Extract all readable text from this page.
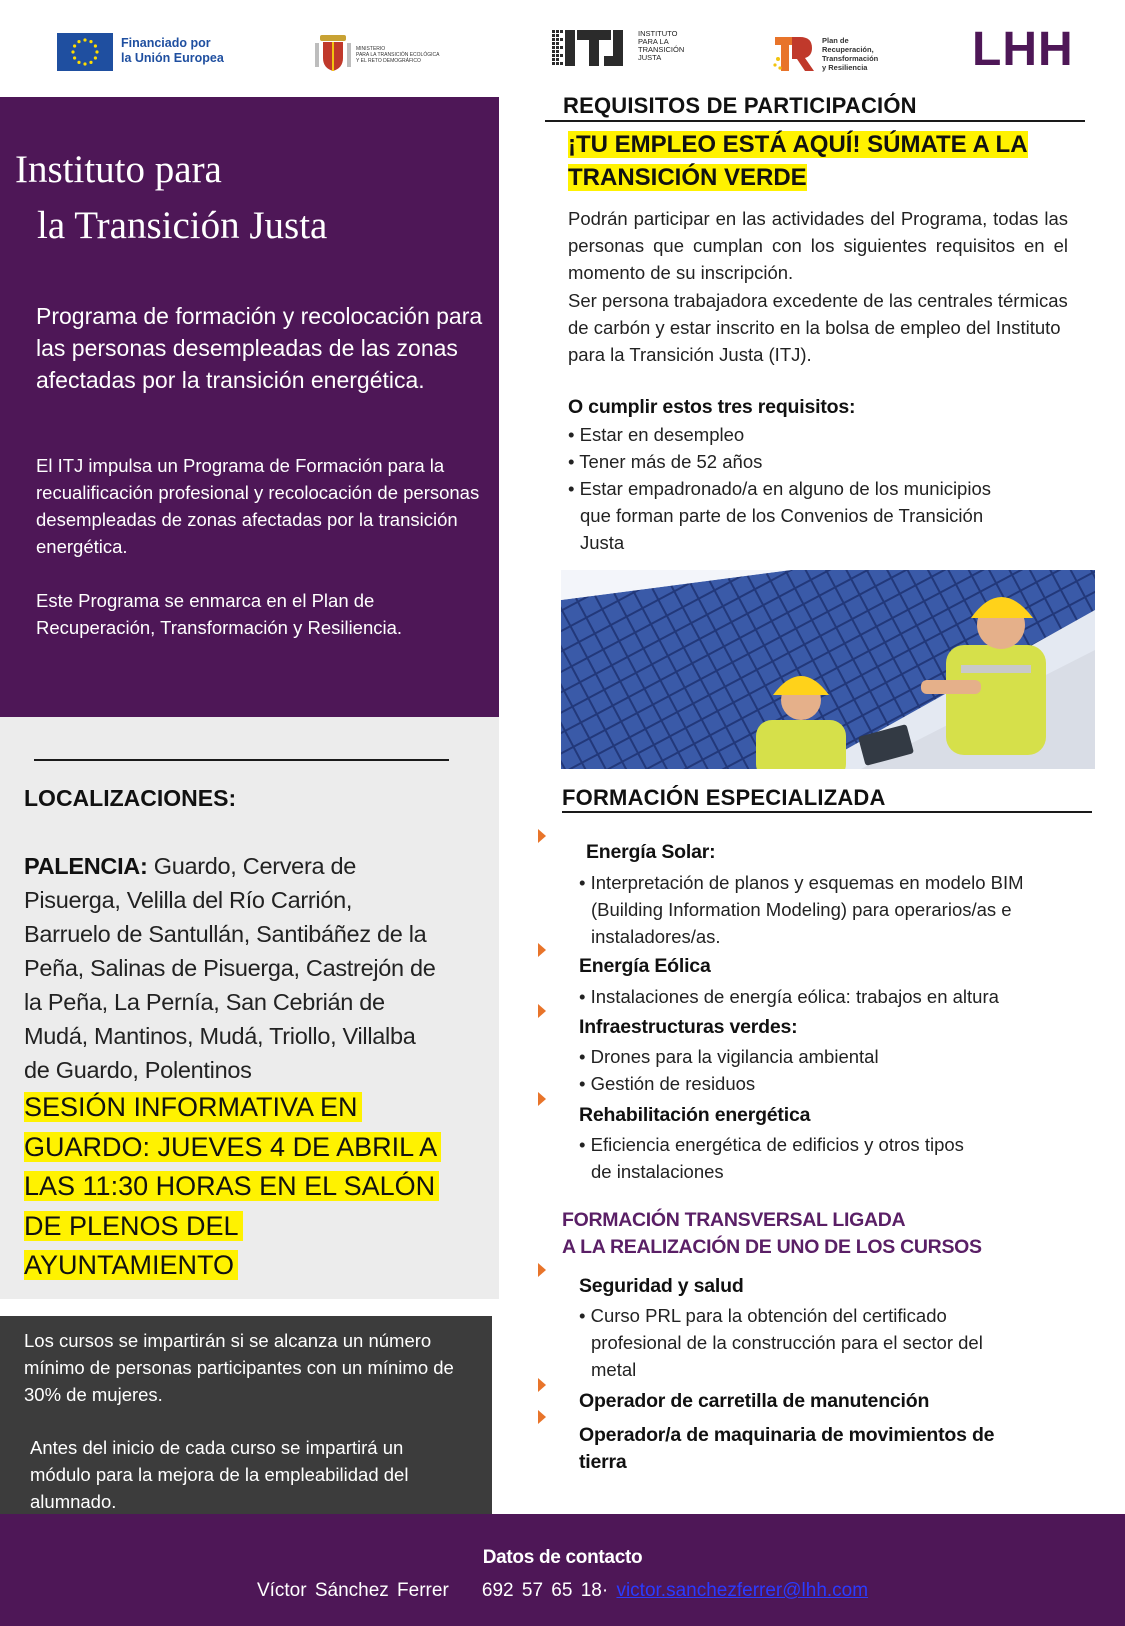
Financiado por
la Unión Europea
MINISTERIO
PARA LA TRANSICIÓN ECOLÓGICA
Y EL RETO DEMOGRÁFICO
INSTITUTO
PARA LA
TRANSICIÓN
JUSTA
Plan de
Recuperación,
Transformación
y Resiliencia LHH
Instituto para
la Transición Justa
Programa de formación y recolocación para las personas desempleadas de las zonas afectadas por la transición energética.

El ITJ impulsa un Programa de Formación para la recualificación profesional y recolocación de personas desempleadas de zonas afectadas por la transición energética.

Este Programa se enmarca en el Plan de Recuperación, Transformación y Resiliencia.

LOCALIZACIONES:
PALENCIA: Guardo, Cervera de Pisuerga, Velilla del Río Carrión, Barruelo de Santullán, Santibáñez de la Peña, Salinas de Pisuerga, Castrejón de la Peña, La Pernía, San Cebrián de Mudá, Mantinos, Mudá, Triollo, Villalba de Guardo, Polentinos
SESIÓN INFORMATIVA EN GUARDO: JUEVES 4 DE ABRIL A LAS 11:30 HORAS EN EL SALÓN DE PLENOS DEL AYUNTAMIENTO

Los cursos se impartirán si se alcanza un número mínimo de personas participantes con un mínimo de 30% de mujeres.

Antes del inicio de cada curso se impartirá un módulo para la mejora de la empleabilidad del alumnado.

REQUISITOS DE PARTICIPACIÓN
¡TU EMPLEO ESTÁ AQUÍ! SÚMATE A LA TRANSICIÓN VERDE

Podrán participar en las actividades del Programa, todas las personas que cumplan con los siguientes requisitos en el momento de su inscripción.

Ser persona trabajadora excedente de las centrales térmicas de carbón y estar inscrito en la bolsa de empleo del Instituto para la Transición Justa (ITJ).

O cumplir estos tres requisitos:
• Estar en desempleo
• Tener más de 52 años
• Estar empadronado/a en alguno de los municipios que forman parte de los Convenios de Transición Justa
FORMACIÓN ESPECIALIZADA
Energía Solar:
• Interpretación de planos y esquemas en modelo BIM (Building Information Modeling) para operarios/as e instaladores/as.
Energía Eólica
• Instalaciones de energía eólica: trabajos en altura
Infraestructuras verdes:
• Drones para la vigilancia ambiental
• Gestión de residuos
Rehabilitación energética
• Eficiencia energética de edificios y otros tipos de instalaciones
FORMACIÓN TRANSVERSAL LIGADA
A LA REALIZACIÓN DE UNO DE LOS CURSOS
Seguridad y salud
• Curso PRL para la obtención del certificado profesional de la construcción para el sector del metal
Operador de carretilla de manutención
Operador/a de maquinaria de movimientos de tierra
Datos de contacto
Víctor Sánchez Ferrer 692 57 65 18· victor.sanchezferrer@lhh.com
